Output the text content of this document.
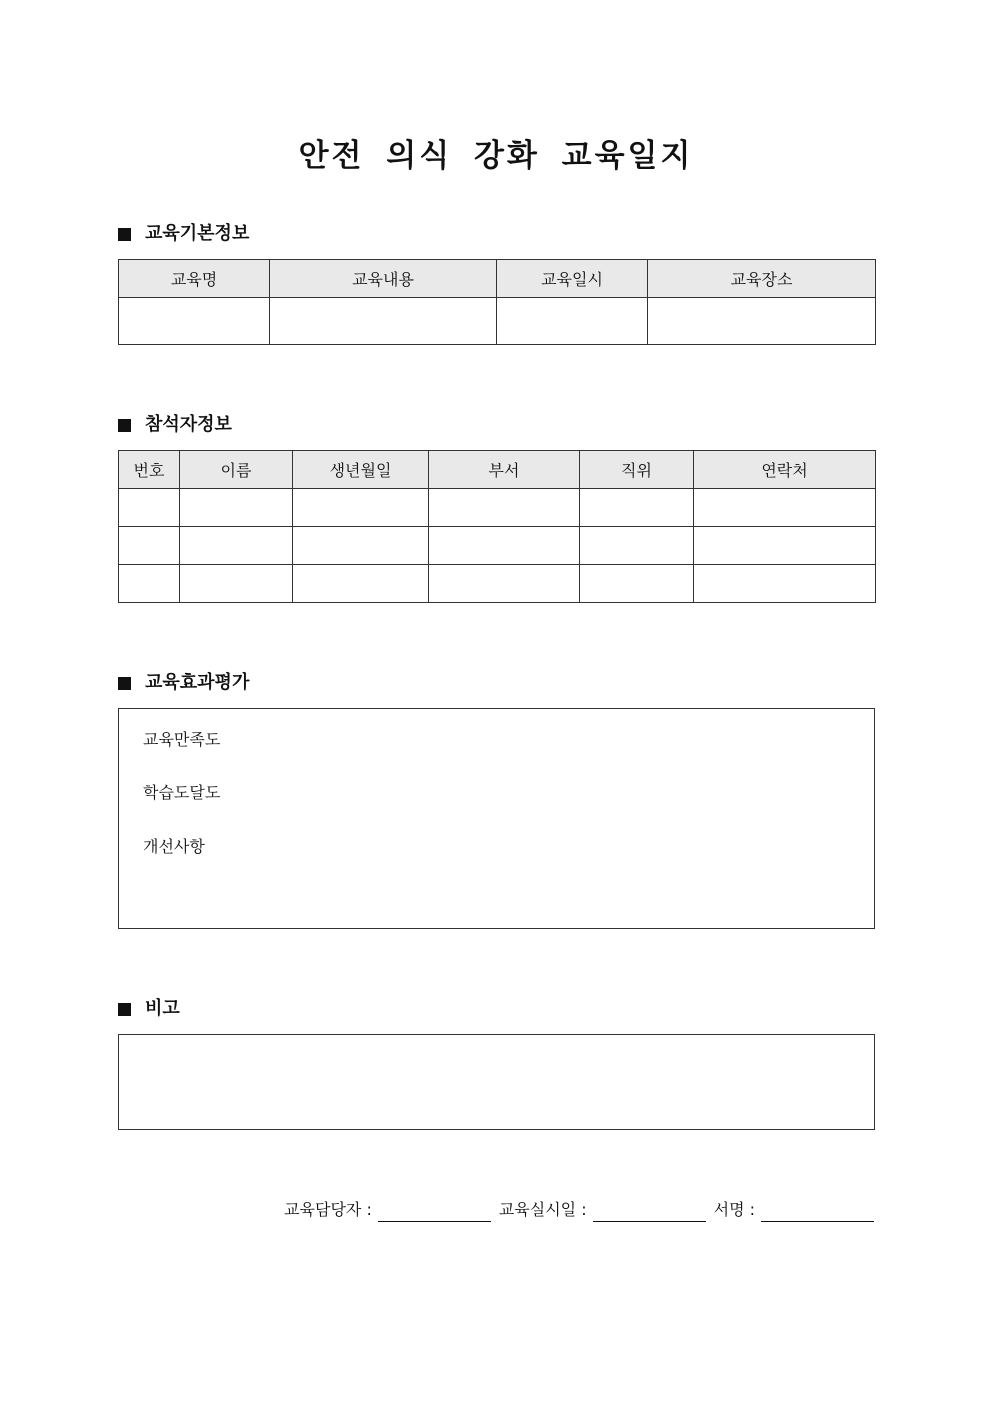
안전 의식 강화 교육일지
교육기본정보
교육명	교육내용	교육일시	교육장소

참석자정보
번호	이름	생년월일	부서	직위	연락처

교육효과평가
교육만족도
학습도달도
개선사항
비고
교육담당자 :	교육실시일 :	서명 :
